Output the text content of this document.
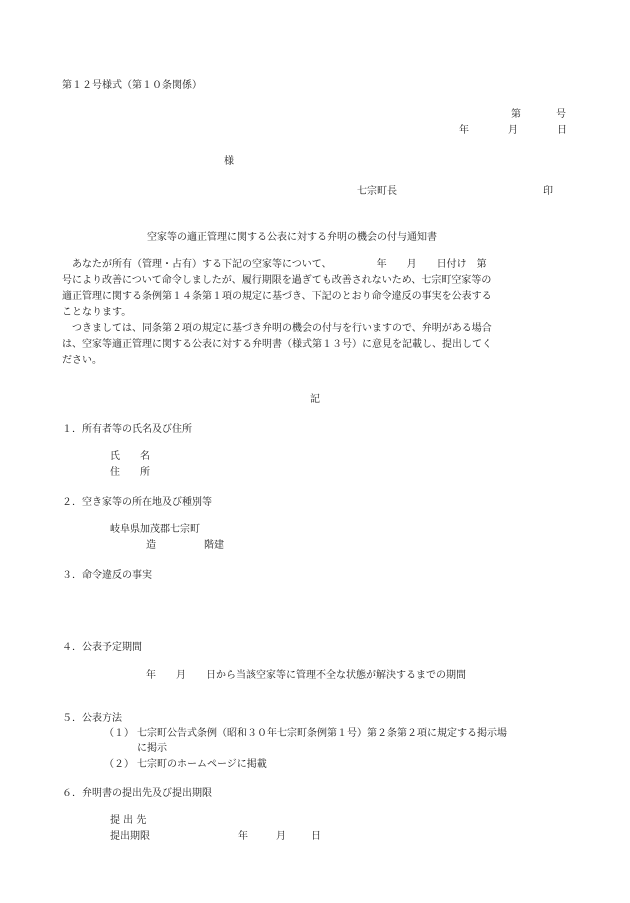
第１２号様式（第１０条関係）
第	号
年	月	日
様
七宗町長	印
空家等の適正管理に関する公表に対する弁明の機会の付与通知書
あなたが所有（管理・占有）する下記の空家等について、　　　　　年　　月　　日付け　第
号により改善について命令しましたが、履行期限を過ぎても改善されないため、七宗町空家等の
適正管理に関する条例第１４条第１項の規定に基づき、下記のとおり命令違反の事実を公表する
ことなります。
つきましては、同条第２項の規定に基づき弁明の機会の付与を行いますので、弁明がある場合
は、空家等適正管理に関する公表に対する弁明書（様式第１３号）に意見を記載し、提出してく
ださい。
記
１．所有者等の氏名及び住所
氏　　名
住　　所
２．空き家等の所在地及び種別等
岐阜県加茂郡七宗町
造	階建
３．命令違反の事実
４．公表予定期間
年　　月　　日から当該空家等に管理不全な状態が解決するまでの期間
５．公表方法
（１） 七宗町公告式条例（昭和３０年七宗町条例第１号）第２条第２項に規定する掲示場
に掲示
（２） 七宗町のホームページに掲載
６．弁明書の提出先及び提出期限
提 出 先
提出期限	年	月	日
